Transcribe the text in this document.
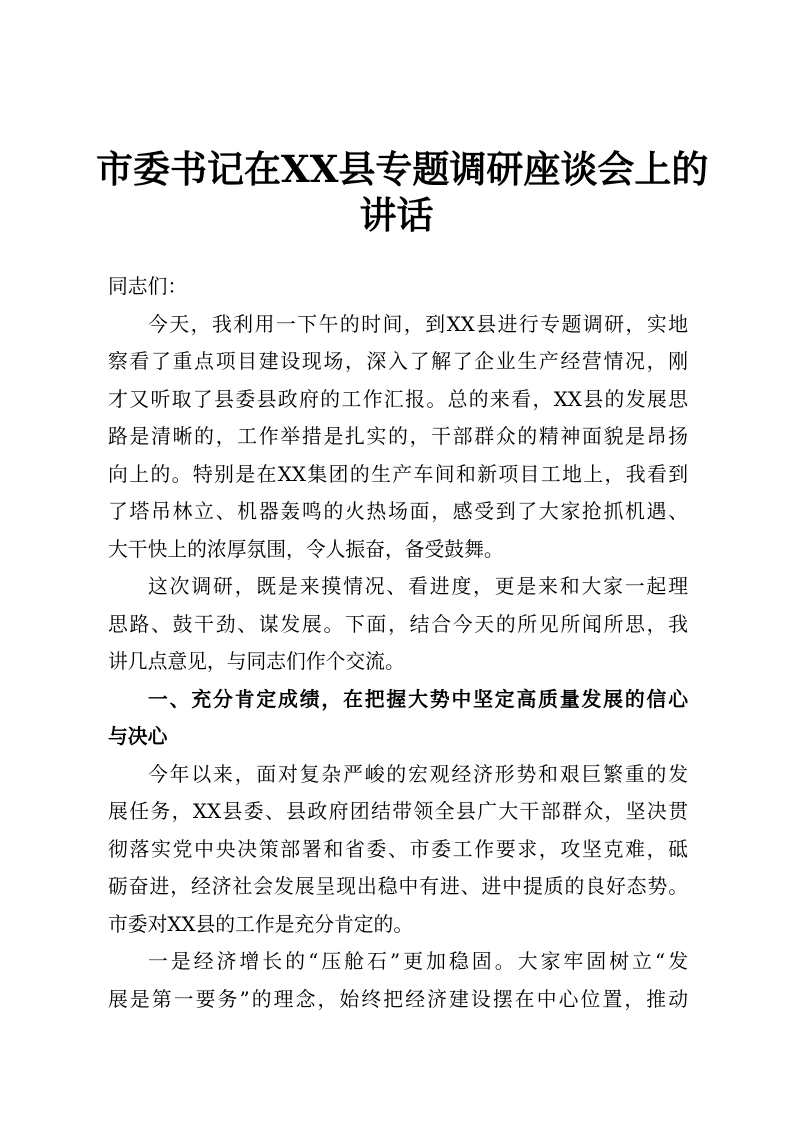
市委书记在XX县专题调研座谈会上的
讲话

同志们：

今天，我利用一下午的时间，到XX县进行专题调研，实地
察看了重点项目建设现场，深入了解了企业生产经营情况，刚
才又听取了县委县政府的工作汇报。总的来看，XX县的发展思
路是清晰的，工作举措是扎实的，干部群众的精神面貌是昂扬
向上的。特别是在XX集团的生产车间和新项目工地上，我看到
了塔吊林立、机器轰鸣的火热场面，感受到了大家抢抓机遇、
大干快上的浓厚氛围，令人振奋，备受鼓舞。

这次调研，既是来摸情况、看进度，更是来和大家一起理
思路、鼓干劲、谋发展。下面，结合今天的所见所闻所思，我
讲几点意见，与同志们作个交流。

一、充分肯定成绩，在把握大势中坚定高质量发展的信心
与决心

今年以来，面对复杂严峻的宏观经济形势和艰巨繁重的发
展任务，XX县委、县政府团结带领全县广大干部群众，坚决贯
彻落实党中央决策部署和省委、市委工作要求，攻坚克难，砥
砺奋进，经济社会发展呈现出稳中有进、进中提质的良好态势。
市委对XX县的工作是充分肯定的。

一是经济增长的“压舱石”更加稳固。大家牢固树立“发
展是第一要务”的理念，始终把经济建设摆在中心位置，推动
